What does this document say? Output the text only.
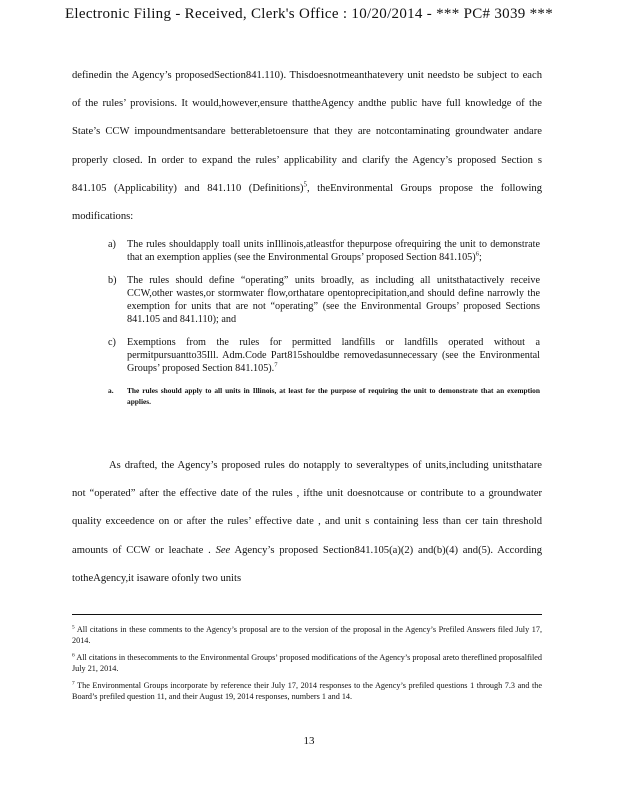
Electronic Filing - Received, Clerk's Office : 10/20/2014 - *** PC# 3039 ***

definedin the Agency’s proposedSection841.110). Thisdoesnotmeanthatevery unit needsto be subject to each of the rules’ provisions. It would,however,ensure thattheAgency andthe public have full knowledge of the State’s CCW impoundmentsandare betterabletoensure that they are notcontaminating groundwater andare properly closed. In order to expand the rules’ applicability and clarify the Agency’s proposed Section s 841.105 (Applicability) and 841.110 (Definitions)$^5$, theEnvironmental Groups propose the following modifications:

a)	The rules shouldapply toall units inIllinois,atleastfor thepurpose ofrequiring the unit to demonstrate that an exemption applies (see the Environmental Groups’ proposed Section 841.105)$^6$;
b)	The rules should define “operating” units broadly, as including all unitsthatactively receive CCW,other wastes,or stormwater flow,orthatare opentoprecipitation,and should define narrowly the exemption for units that are not “operating” (see the Environmental Groups’ proposed Sections 841.105 and 841.110); and
c)	Exemptions from the rules for permitted landfills or landfills operated without a permitpursuantto35Ill. Adm.Code Part815shouldbe removedasunnecessary (see the Environmental Groups’ proposed Section 841.105).$^7$
a.	The rules should apply to all units in Illinois, at least for the purpose of requiring the unit to demonstrate that an exemption applies.

As drafted, the Agency’s proposed rules do notapply to severaltypes of units,including unitsthatare not “operated” after the effective date of the rules , ifthe unit doesnotcause or contribute to a groundwater quality exceedence on or after the rules’ effective date , and unit s containing less than cer tain threshold amounts of CCW or leachate . See Agency’s proposed Section841.105(a)(2) and(b)(4) and(5). According totheAgency,it isaware ofonly two units

$^5$ All citations in these comments to the Agency’s proposal are to the version of the proposal in the Agency’s Prefiled Answers filed July 17, 2014.

$^6$ All citations in thesecomments to the Environmental Groups’ proposed modifications of the Agency’s proposal areto thereflined proposalfiled July 21, 2014.

$^7$ The Environmental Groups incorporate by reference their July 17, 2014 responses to the Agency’s prefiled questions 1 through 7.3 and the Board’s prefiled question 11, and their August 19, 2014 responses, numbers 1 and 14.

13
